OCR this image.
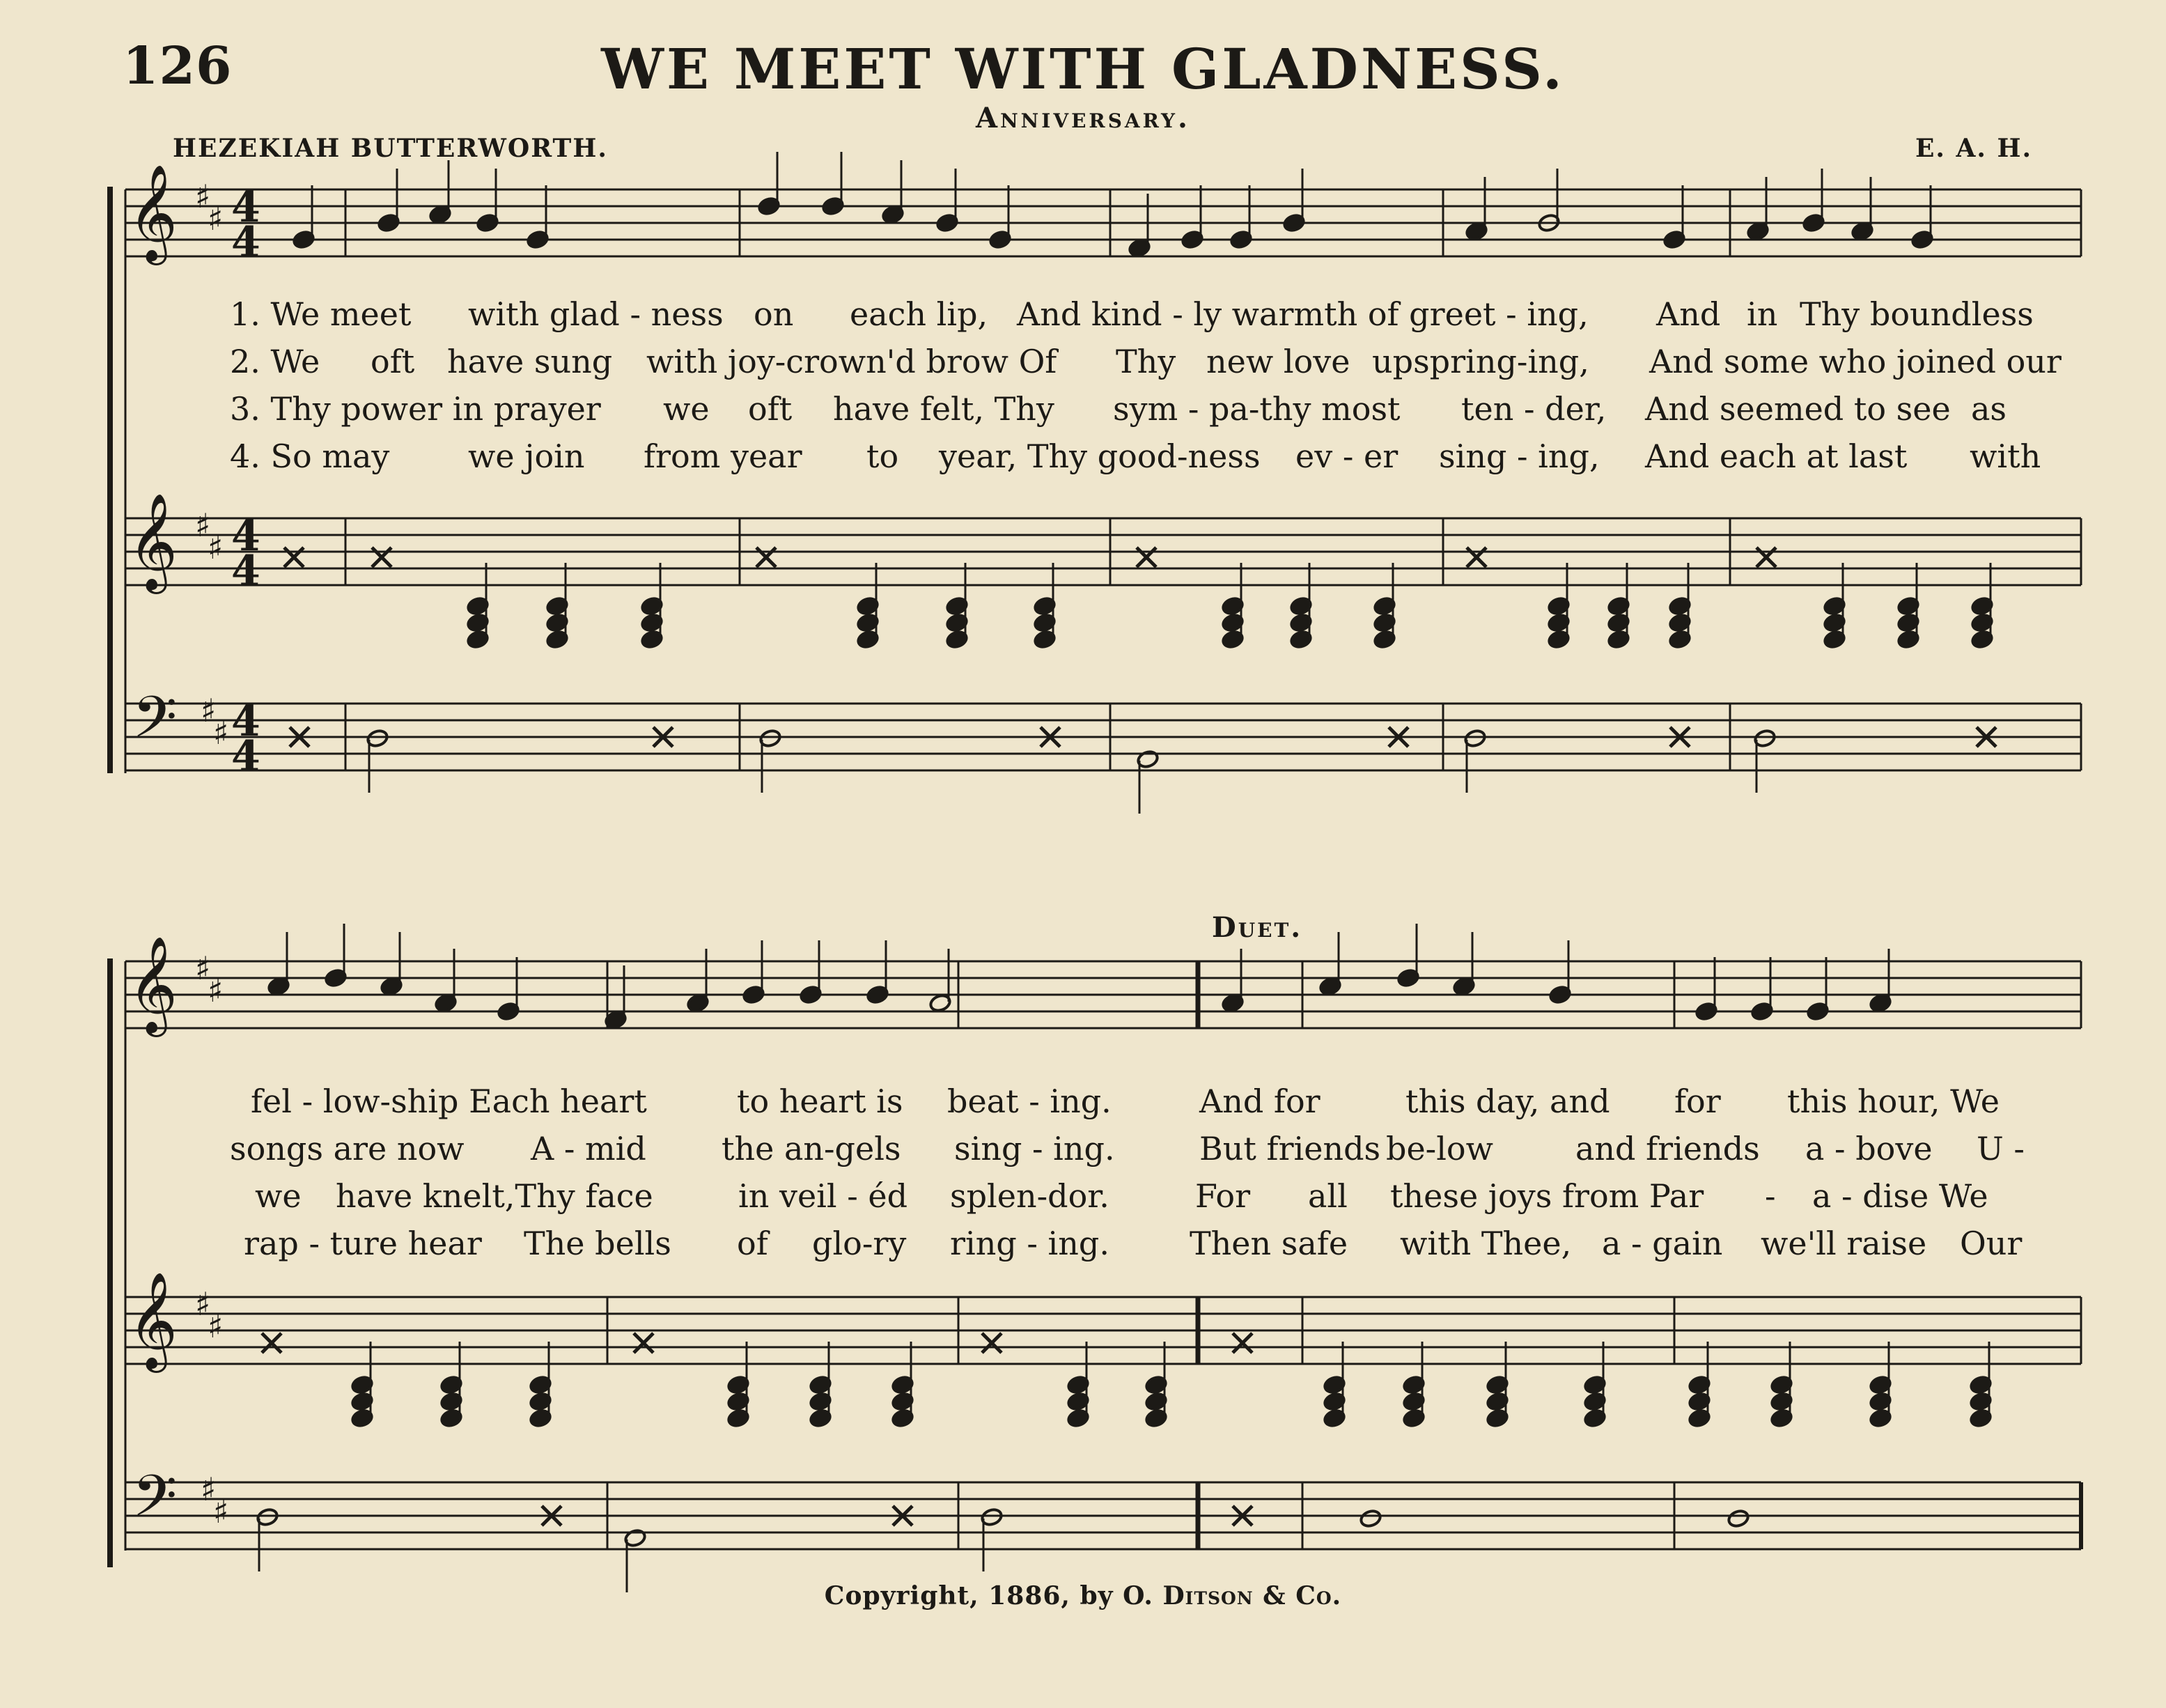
126	WE MEET WITH GLADNESS.
Anniversary.
HEZEKIAH BUTTERWORTH.	E. A. H.
Duet.
𝄞
𝄞
𝄢
♯
♯
♯
♯
♯
♯
4
4
4
4
4
4
𝄞
𝄞
𝄢
♯
♯
♯
♯
♯
♯
1. We meet with glad - ness on each lip, And kind - ly warmth of greet - ing, And in Thy boundless
2. We oft have sung with joy-crown'd brow Of Thy new love upspring-ing, And some who joined our
3. Thy power in prayer we oft have felt, Thy sym - pa-thy most ten - der, And seemed to see as
4. So may we join from year to year, Thy good-ness ev - er sing - ing, And each at last with
fel - low-ship Each heart	to heart is beat - ing.	And for	this day, and for this hour, We
songs are now A - mid the an-gels sing - ing.	But friends be-low	and friends a - bove U -
we have knelt,Thy face	in veil - éd splen-dor.	For all these joys from Par - a - dise We
rap - ture hear The bells of glo-ry ring - ing.	Then safe with Thee, a - gain we'll raise Our
Copyright, 1886, by O. Ditson & Co.
